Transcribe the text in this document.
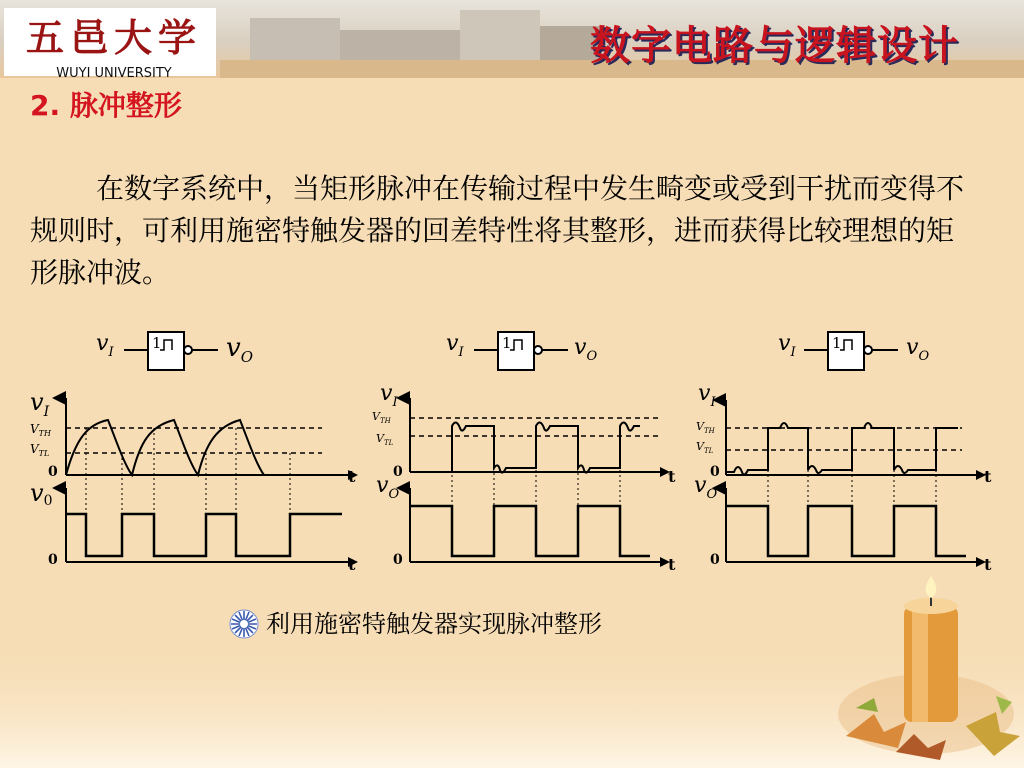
五邑大学
WUYI UNIVERSITY
数字电路与逻辑设计
2. 脉冲整形
在数字系统中，当矩形脉冲在传输过程中发生畸变或受到干扰而变得不规则时，可利用施密特触发器的回差特性将其整形，进而获得比较理想的矩形脉冲波。
1	1	1
$v_I$	$v_O$
$v_I$	$v_O$
$v_I$	$v_O$
$v_I$
$V_{TH}$
$V_{TL}$
0	t
v0
0	t
$v_I$
$V_{TH}$
$V_{TL}$
0	t
$v_O$
0	t
$v_I$
$V_{TH}$
$V_{TL}$
0	t
$v_O$
0	t
利用施密特触发器实现脉冲整形
